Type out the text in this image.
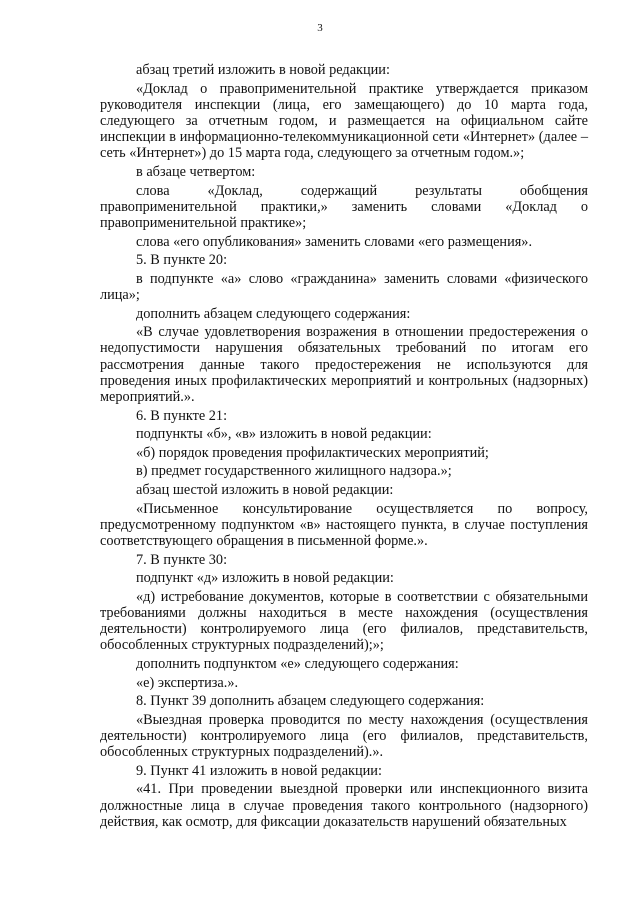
3

абзац третий изложить в новой редакции:

«Доклад о правоприменительной практике утверждается приказом руководителя инспекции (лица, его замещающего) до 10 марта года, следующего за отчетным годом, и размещается на официальном сайте инспекции в информационно-телекоммуникационной сети «Интернет» (далее – сеть «Интернет») до 15 марта года, следующего за отчетным годом.»;

в абзаце четвертом:

слова «Доклад, содержащий результаты обобщения правоприменительной практики,» заменить словами «Доклад о правоприменительной практике»;

слова «его опубликования» заменить словами «его размещения».

5. В пункте 20:

в подпункте «а» слово «гражданина» заменить словами «физического лица»;

дополнить абзацем следующего содержания:

«В случае удовлетворения возражения в отношении предостережения о недопустимости нарушения обязательных требований по итогам его рассмотрения данные такого предостережения не используются для проведения иных профилактических мероприятий и контрольных (надзорных) мероприятий.».

6. В пункте 21:

подпункты «б», «в» изложить в новой редакции:

«б) порядок проведения профилактических мероприятий;

в) предмет государственного жилищного надзора.»;

абзац шестой изложить в новой редакции:

«Письменное консультирование осуществляется по вопросу, предусмотренному подпунктом «в» настоящего пункта, в случае поступления соответствующего обращения в письменной форме.».

7. В пункте 30:

подпункт «д» изложить в новой редакции:

«д) истребование документов, которые в соответствии с обязательными требованиями должны находиться в месте нахождения (осуществления деятельности) контролируемого лица (его филиалов, представительств, обособленных структурных подразделений);»;

дополнить подпунктом «е» следующего содержания:

«е) экспертиза.».

8. Пункт 39 дополнить абзацем следующего содержания:

«Выездная проверка проводится по месту нахождения (осуществления деятельности) контролируемого лица (его филиалов, представительств, обособленных структурных подразделений).».

9. Пункт 41 изложить в новой редакции:

«41. При проведении выездной проверки или инспекционного визита должностные лица в случае проведения такого контрольного (надзорного) действия, как осмотр, для фиксации доказательств нарушений обязательных
